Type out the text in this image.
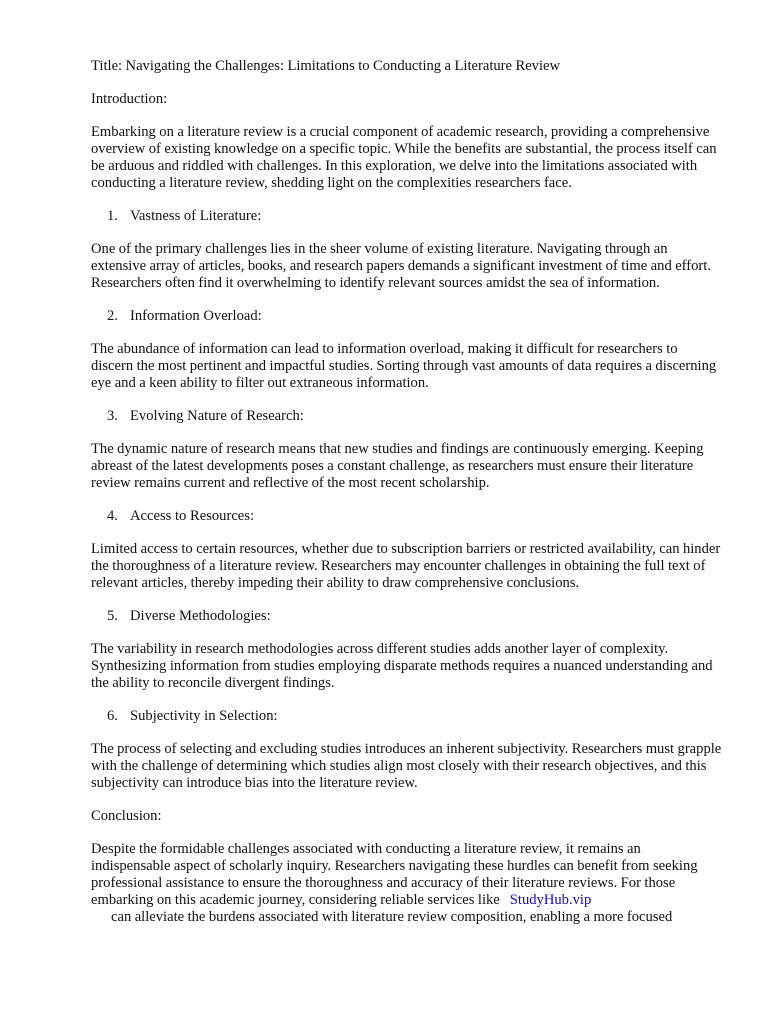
Title: Navigating the Challenges: Limitations to Conducting a Literature Review

Introduction:

Embarking on a literature review is a crucial component of academic research, providing a comprehensive overview of existing knowledge on a specific topic. While the benefits are substantial, the process itself can be arduous and riddled with challenges. In this exploration, we delve into the limitations associated with conducting a literature review, shedding light on the complexities researchers face.

1. Vastness of Literature:

One of the primary challenges lies in the sheer volume of existing literature. Navigating through an extensive array of articles, books, and research papers demands a significant investment of time and effort. Researchers often find it overwhelming to identify relevant sources amidst the sea of information.

2. Information Overload:

The abundance of information can lead to information overload, making it difficult for researchers to discern the most pertinent and impactful studies. Sorting through vast amounts of data requires a discerning eye and a keen ability to filter out extraneous information.

3. Evolving Nature of Research:

The dynamic nature of research means that new studies and findings are continuously emerging. Keeping abreast of the latest developments poses a constant challenge, as researchers must ensure their literature review remains current and reflective of the most recent scholarship.

4. Access to Resources:

Limited access to certain resources, whether due to subscription barriers or restricted availability, can hinder the thoroughness of a literature review. Researchers may encounter challenges in obtaining the full text of relevant articles, thereby impeding their ability to draw comprehensive conclusions.

5. Diverse Methodologies:

The variability in research methodologies across different studies adds another layer of complexity. Synthesizing information from studies employing disparate methods requires a nuanced understanding and the ability to reconcile divergent findings.

6. Subjectivity in Selection:

The process of selecting and excluding studies introduces an inherent subjectivity. Researchers must grapple with the challenge of determining which studies align most closely with their research objectives, and this subjectivity can introduce bias into the literature review.

Conclusion:

Despite the formidable challenges associated with conducting a literature review, it remains an indispensable aspect of scholarly inquiry. Researchers navigating these hurdles can benefit from seeking professional assistance to ensure the thoroughness and accuracy of their literature reviews. For those embarking on this academic journey, considering reliable services like StudyHub.vip
can alleviate the burdens associated with literature review composition, enabling a more focused
